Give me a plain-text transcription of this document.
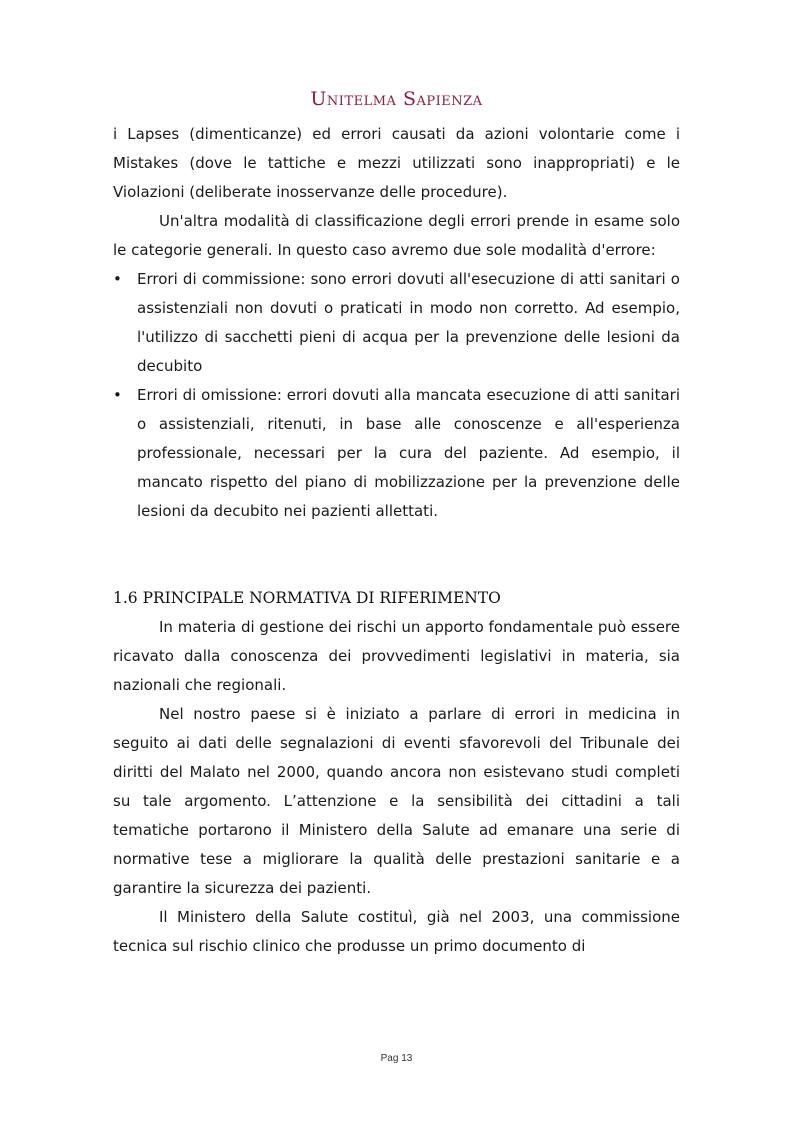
Unitelma Sapienza

i Lapses (dimenticanze) ed errori causati da azioni volontarie come i Mistakes (dove le tattiche e mezzi utilizzati sono inappropriati) e le Violazioni (deliberate inosservanze delle procedure).

Un'altra modalità di classificazione degli errori prende in esame solo le categorie generali. In questo caso avremo due sole modalità d'errore:

•	Errori di commissione: sono errori dovuti all'esecuzione di atti sanitari o assistenziali non dovuti o praticati in modo non corretto. Ad esempio, l'utilizzo di sacchetti pieni di acqua per la prevenzione delle lesioni da decubito
•	Errori di omissione: errori dovuti alla mancata esecuzione di atti sanitari o assistenziali, ritenuti, in base alle conoscenze e all'esperienza professionale, necessari per la cura del paziente. Ad esempio, il mancato rispetto del piano di mobilizzazione per la prevenzione delle lesioni da decubito nei pazienti allettati.
1.6 PRINCIPALE NORMATIVA DI RIFERIMENTO

In materia di gestione dei rischi un apporto fondamentale può essere ricavato dalla conoscenza dei provvedimenti legislativi in materia, sia nazionali che regionali.

Nel nostro paese si è iniziato a parlare di errori in medicina in seguito ai dati delle segnalazioni di eventi sfavorevoli del Tribunale dei diritti del Malato nel 2000, quando ancora non esistevano studi completi su tale argomento. L’attenzione e la sensibilità dei cittadini a tali tematiche portarono il Ministero della Salute ad emanare una serie di normative tese a migliorare la qualità delle prestazioni sanitarie e a garantire la sicurezza dei pazienti.

Il Ministero della Salute costituì, già nel 2003, una commissione tecnica sul rischio clinico che produsse un primo documento di

Pag 13
